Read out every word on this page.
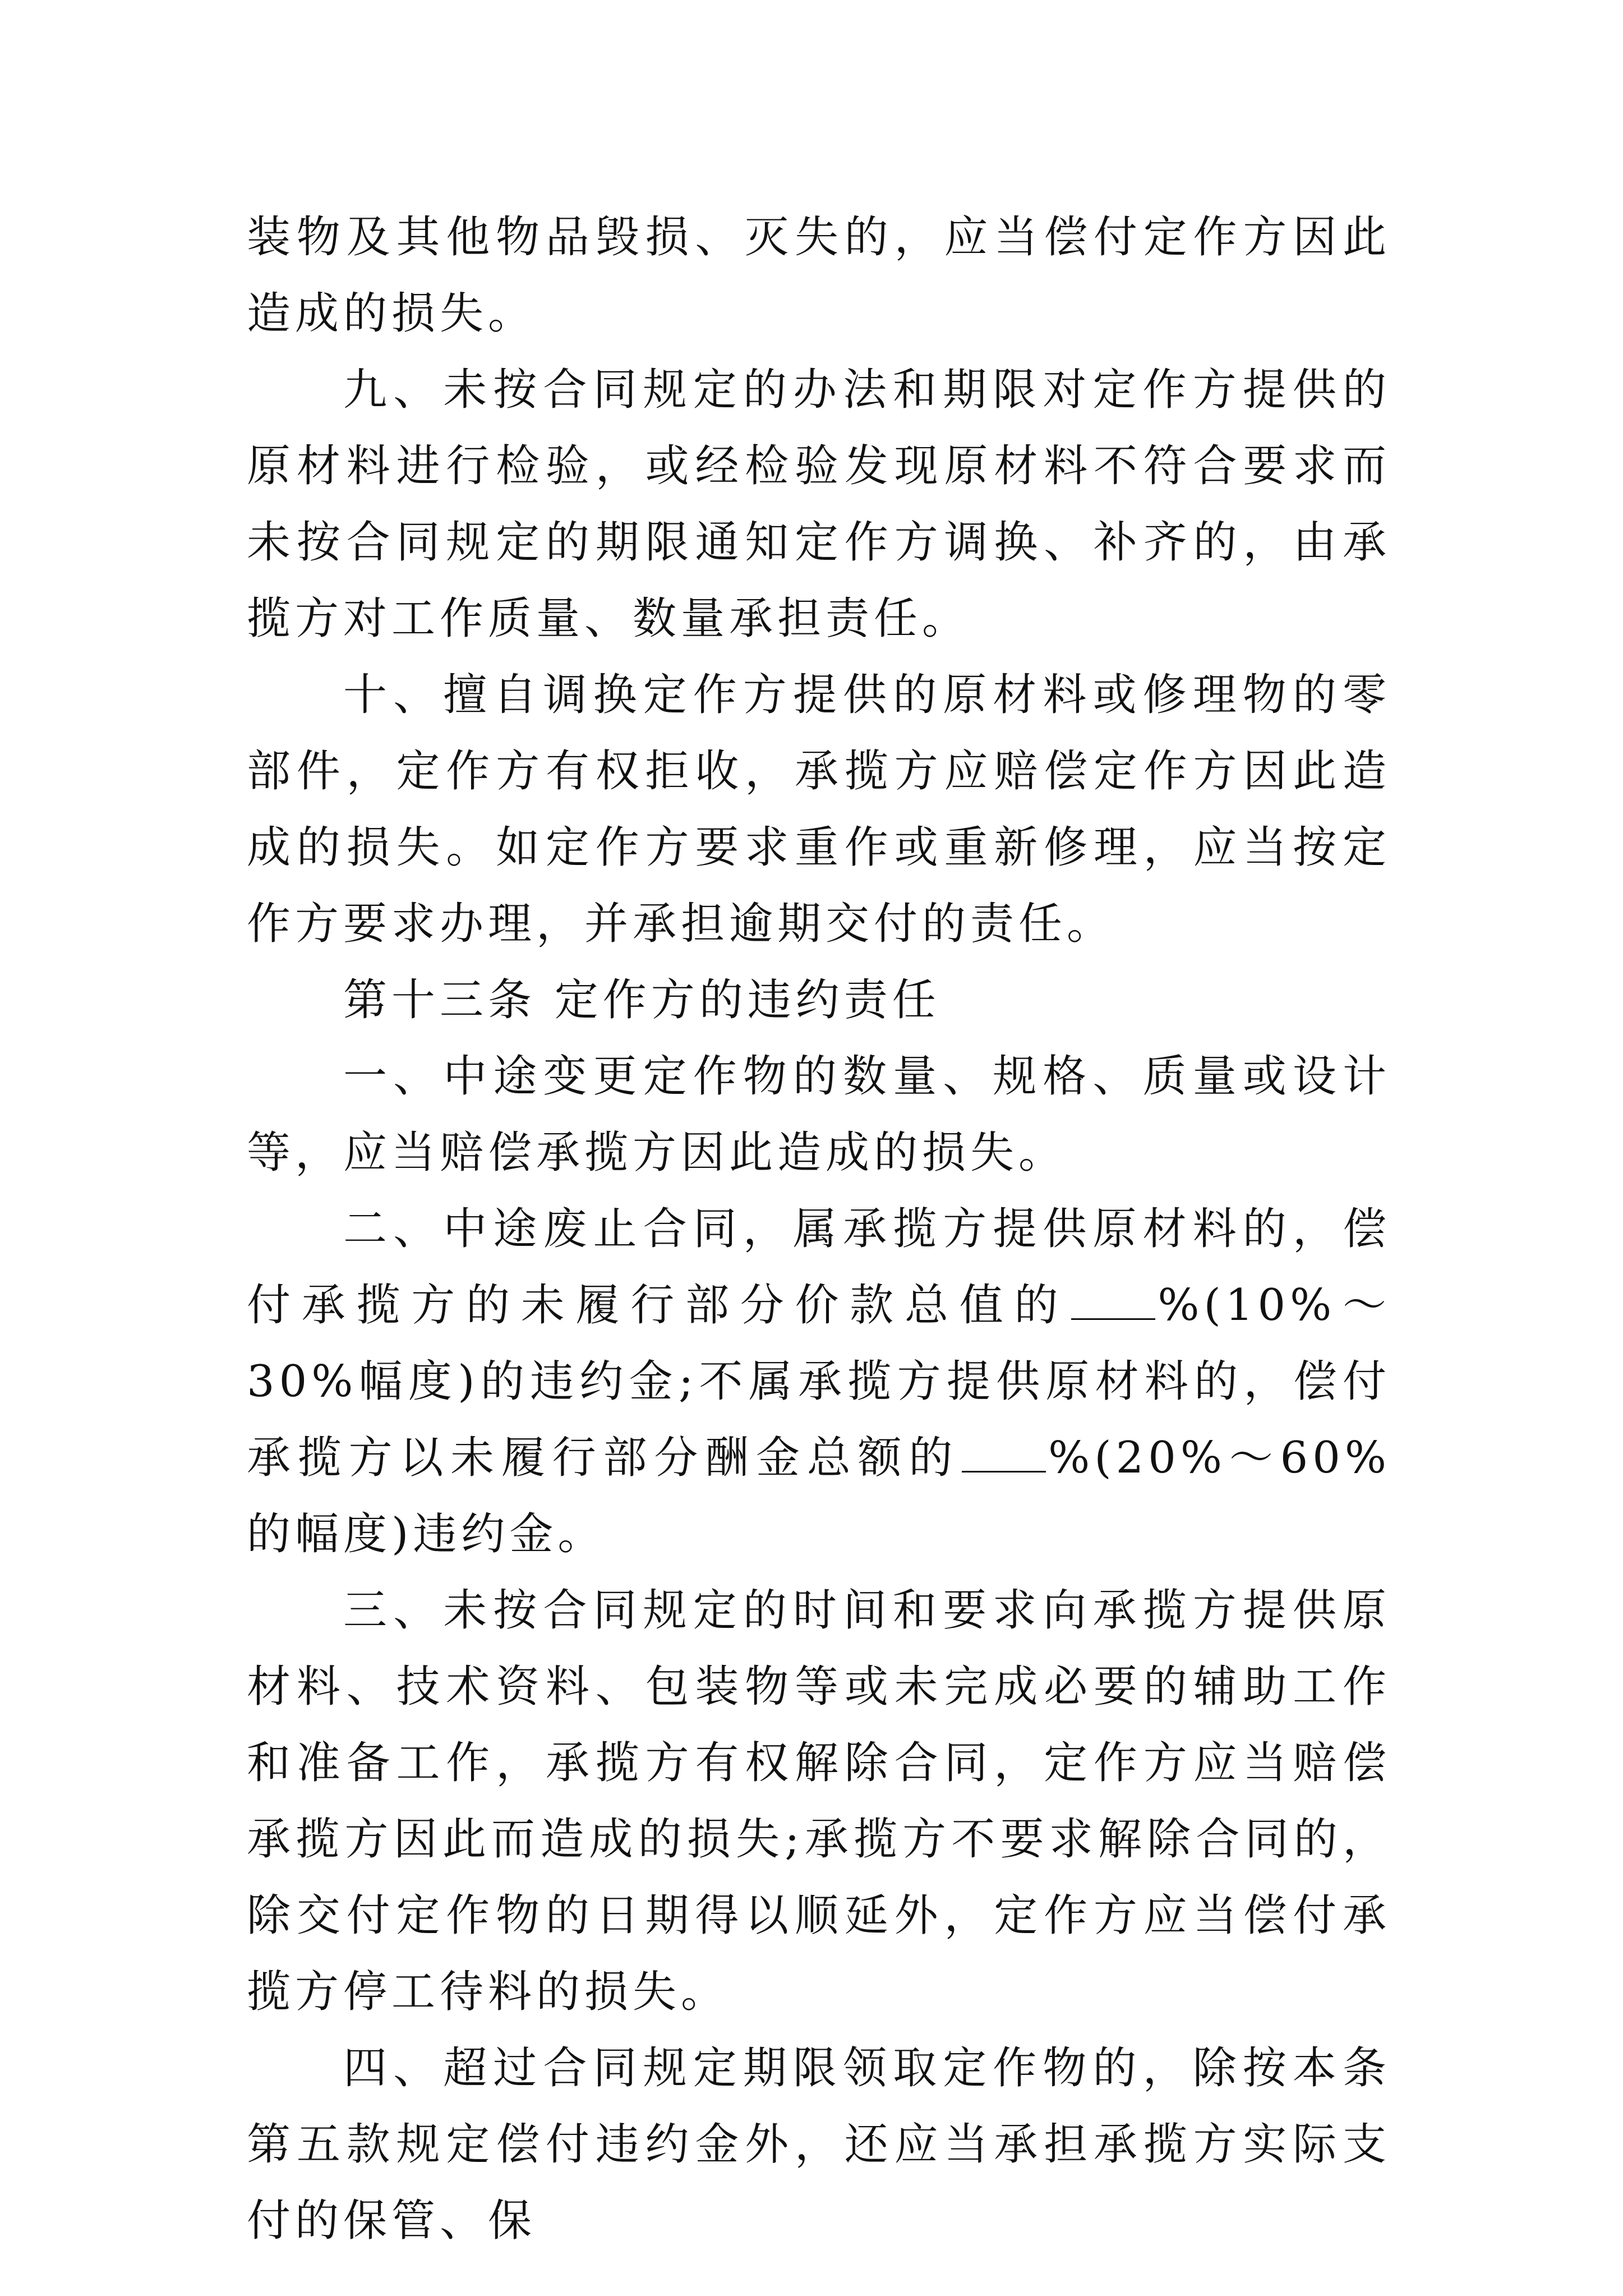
装物及其他物品毁损、灭失的，应当偿付定作方因此造成的损失。

九、未按合同规定的办法和期限对定作方提供的原材料进行检验，或经检验发现原材料不符合要求而未按合同规定的期限通知定作方调换、补齐的，由承揽方对工作质量、数量承担责任。

十、擅自调换定作方提供的原材料或修理物的零部件，定作方有权拒收，承揽方应赔偿定作方因此造成的损失。如定作方要求重作或重新修理，应当按定作方要求办理，并承担逾期交付的责任。

第十三条 定作方的违约责任

一、中途变更定作物的数量、规格、质量或设计等，应当赔偿承揽方因此造成的损失。

二、中途废止合同，属承揽方提供原材料的，偿付承揽方的未履行部分价款总值的 %(10%～30%幅度)的违约金;不属承揽方提供原材料的，偿付承揽方以未履行部分酬金总额的 %(20%～60%的幅度)违约金。

三、未按合同规定的时间和要求向承揽方提供原材料、技术资料、包装物等或未完成必要的辅助工作和准备工作，承揽方有权解除合同，定作方应当赔偿承揽方因此而造成的损失;承揽方不要求解除合同的，除交付定作物的日期得以顺延外，定作方应当偿付承揽方停工待料的损失。

四、超过合同规定期限领取定作物的，除按本条第五款规定偿付违约金外，还应当承担承揽方实际支付的保管、保
